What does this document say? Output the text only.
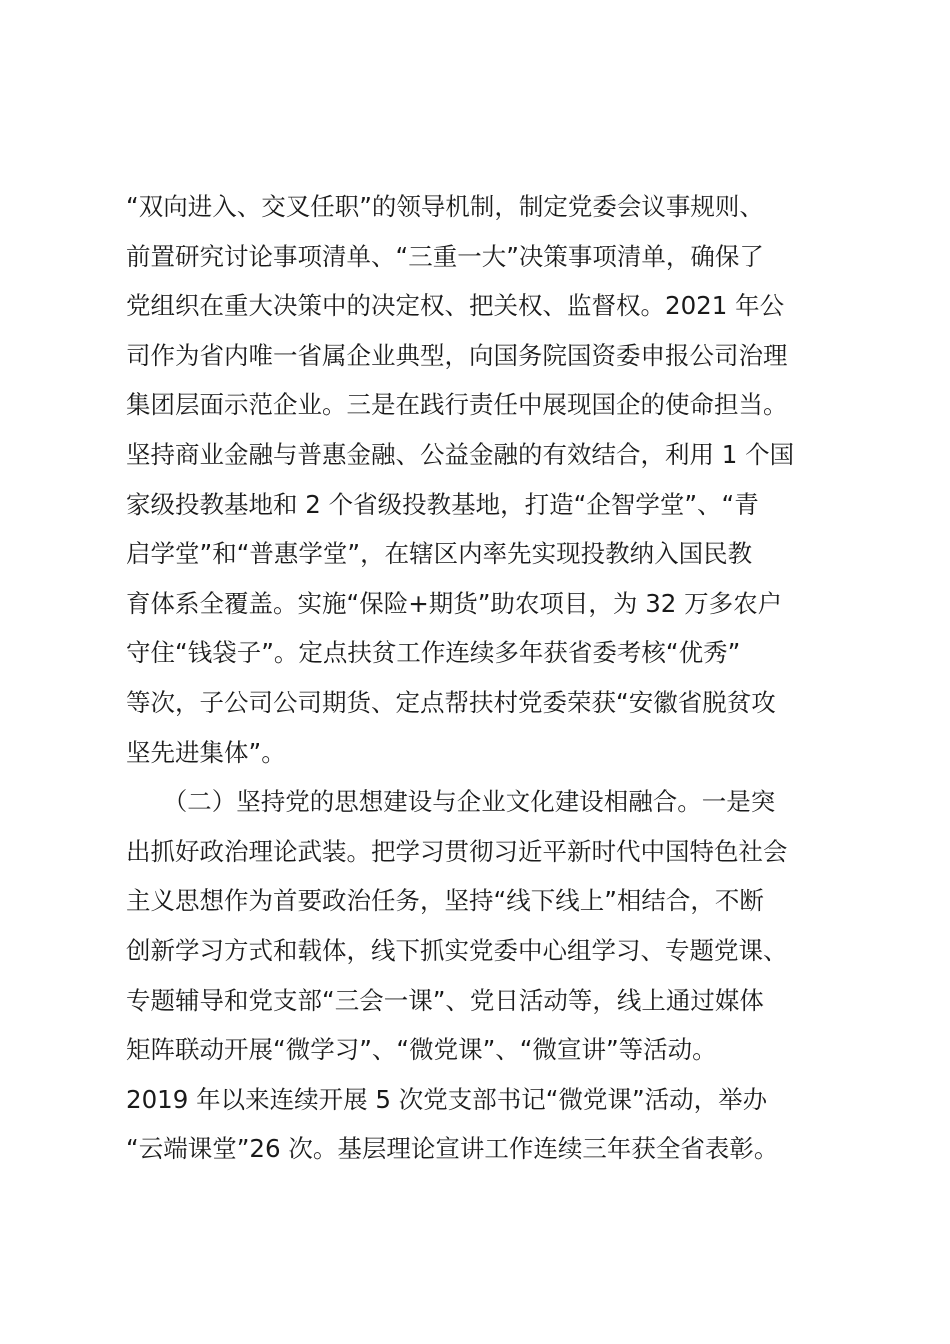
“双向进入、交叉任职”的领导机制，制定党委会议事规则、
前置研究讨论事项清单、“三重一大”决策事项清单，确保了
党组织在重大决策中的决定权、把关权、监督权。2021 年公
司作为省内唯一省属企业典型，向国务院国资委申报公司治理
集团层面示范企业。三是在践行责任中展现国企的使命担当。
坚持商业金融与普惠金融、公益金融的有效结合，利用 1 个国
家级投教基地和 2 个省级投教基地，打造“企智学堂”、“青
启学堂”和“普惠学堂”，在辖区内率先实现投教纳入国民教
育体系全覆盖。实施“保险+期货”助农项目，为 32 万多农户
守住“钱袋子”。定点扶贫工作连续多年获省委考核“优秀”
等次，子公司公司期货、定点帮扶村党委荣获“安徽省脱贫攻
坚先进集体”。
　　（二）坚持党的思想建设与企业文化建设相融合。一是突
出抓好政治理论武装。把学习贯彻习近平新时代中国特色社会
主义思想作为首要政治任务，坚持“线下线上”相结合，不断
创新学习方式和载体，线下抓实党委中心组学习、专题党课、
专题辅导和党支部“三会一课”、党日活动等，线上通过媒体
矩阵联动开展“微学习”、“微党课”、“微宣讲”等活动。
2019 年以来连续开展 5 次党支部书记“微党课”活动，举办
“云端课堂”26 次。基层理论宣讲工作连续三年获全省表彰。
